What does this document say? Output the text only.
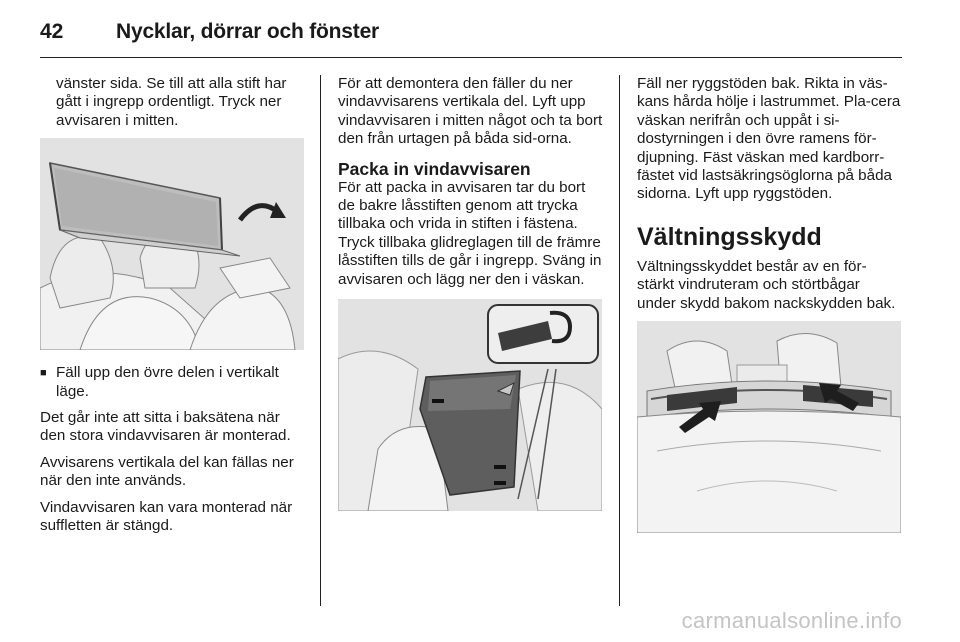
42	Nycklar, dörrar och fönster

vänster sida. Se till att alla stift har gått i ingrepp ordentligt. Tryck ner avvisaren i mitten.

■ Fäll upp den övre delen i vertikalt läge.

Det går inte att sitta i baksätena när den stora vindavvisaren är monterad.

Avvisarens vertikala del kan fällas ner när den inte används.

Vindavvisaren kan vara monterad när suffletten är stängd.

För att demontera den fäller du ner vindavvisarens vertikala del. Lyft upp vindavvisaren i mitten något och ta bort den från urtagen på båda sid-orna.

Packa in vindavvisaren

För att packa in avvisaren tar du bort de bakre låsstiften genom att trycka tillbaka och vrida in stiften i fästena. Tryck tillbaka glidreglagen till de främre låsstiften tills de går i ingrepp. Sväng in avvisaren och lägg ner den i väskan.

Fäll ner ryggstöden bak. Rikta in väs-kans hårda hölje i lastrummet. Pla-cera väskan nerifrån och uppåt i si-dostyrningen i den övre ramens för-djupning. Fäst väskan med kardborr-fästet vid lastsäkringsöglorna på båda sidorna. Lyft upp ryggstöden.

Vältningsskydd

Vältningsskyddet består av en för-stärkt vindruteram och störtbågar under skydd bakom nackskydden bak.

carmanualsonline.info
